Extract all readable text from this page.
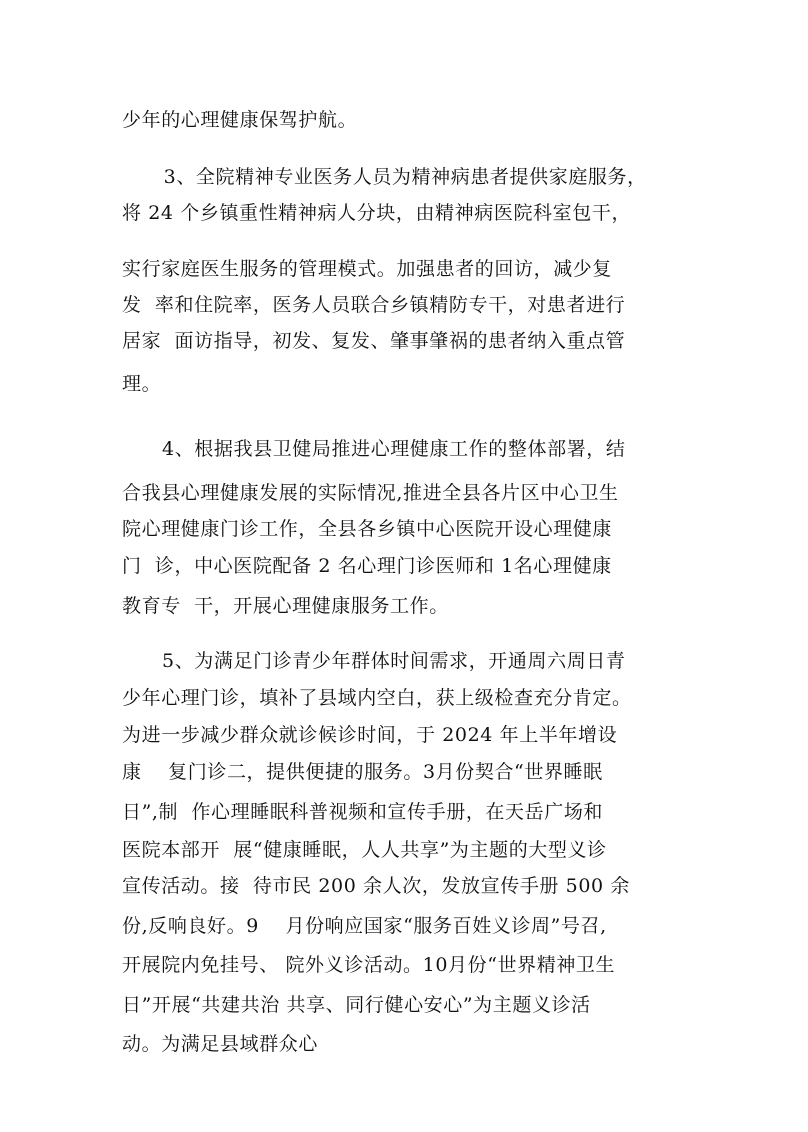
少年的心理健康保驾护航。
3、全院精神专业医务人员为精神病患者提供家庭服务，
将 24 个乡镇重性精神病人分块，由精神病医院科室包干，
实行家庭医生服务的管理模式。加强患者的回访，减少复
发  率和住院率，医务人员联合乡镇精防专干，对患者进行
居家  面访指导，初发、复发、肇事肇祸的患者纳入重点管
理。
4、根据我县卫健局推进心理健康工作的整体部署，结
合我县心理健康发展的实际情况,推进全县各片区中心卫生
院心理健康门诊工作，全县各乡镇中心医院开设心理健康
门  诊，中心医院配备 2 名心理门诊医师和 1名心理健康
教育专  干，开展心理健康服务工作。
5、为满足门诊青少年群体时间需求，开通周六周日青
少年心理门诊，填补了县域内空白，获上级检查充分肯定。
为进一步减少群众就诊候诊时间，于 2024 年上半年增设
康    复门诊二，提供便捷的服务。3月份契合“世界睡眠
日”,制  作心理睡眠科普视频和宣传手册，在天岳广场和
医院本部开  展“健康睡眠，人人共享”为主题的大型义诊
宣传活动。接  待市民 200 余人次，发放宣传手册 500 余
份,反响良好。9    月份响应国家“服务百姓义诊周”号召,
开展院内免挂号、 院外义诊活动。10月份“世界精神卫生
日”开展“共建共治 共享、同行健心安心”为主题义诊活
动。为满足县域群众心
